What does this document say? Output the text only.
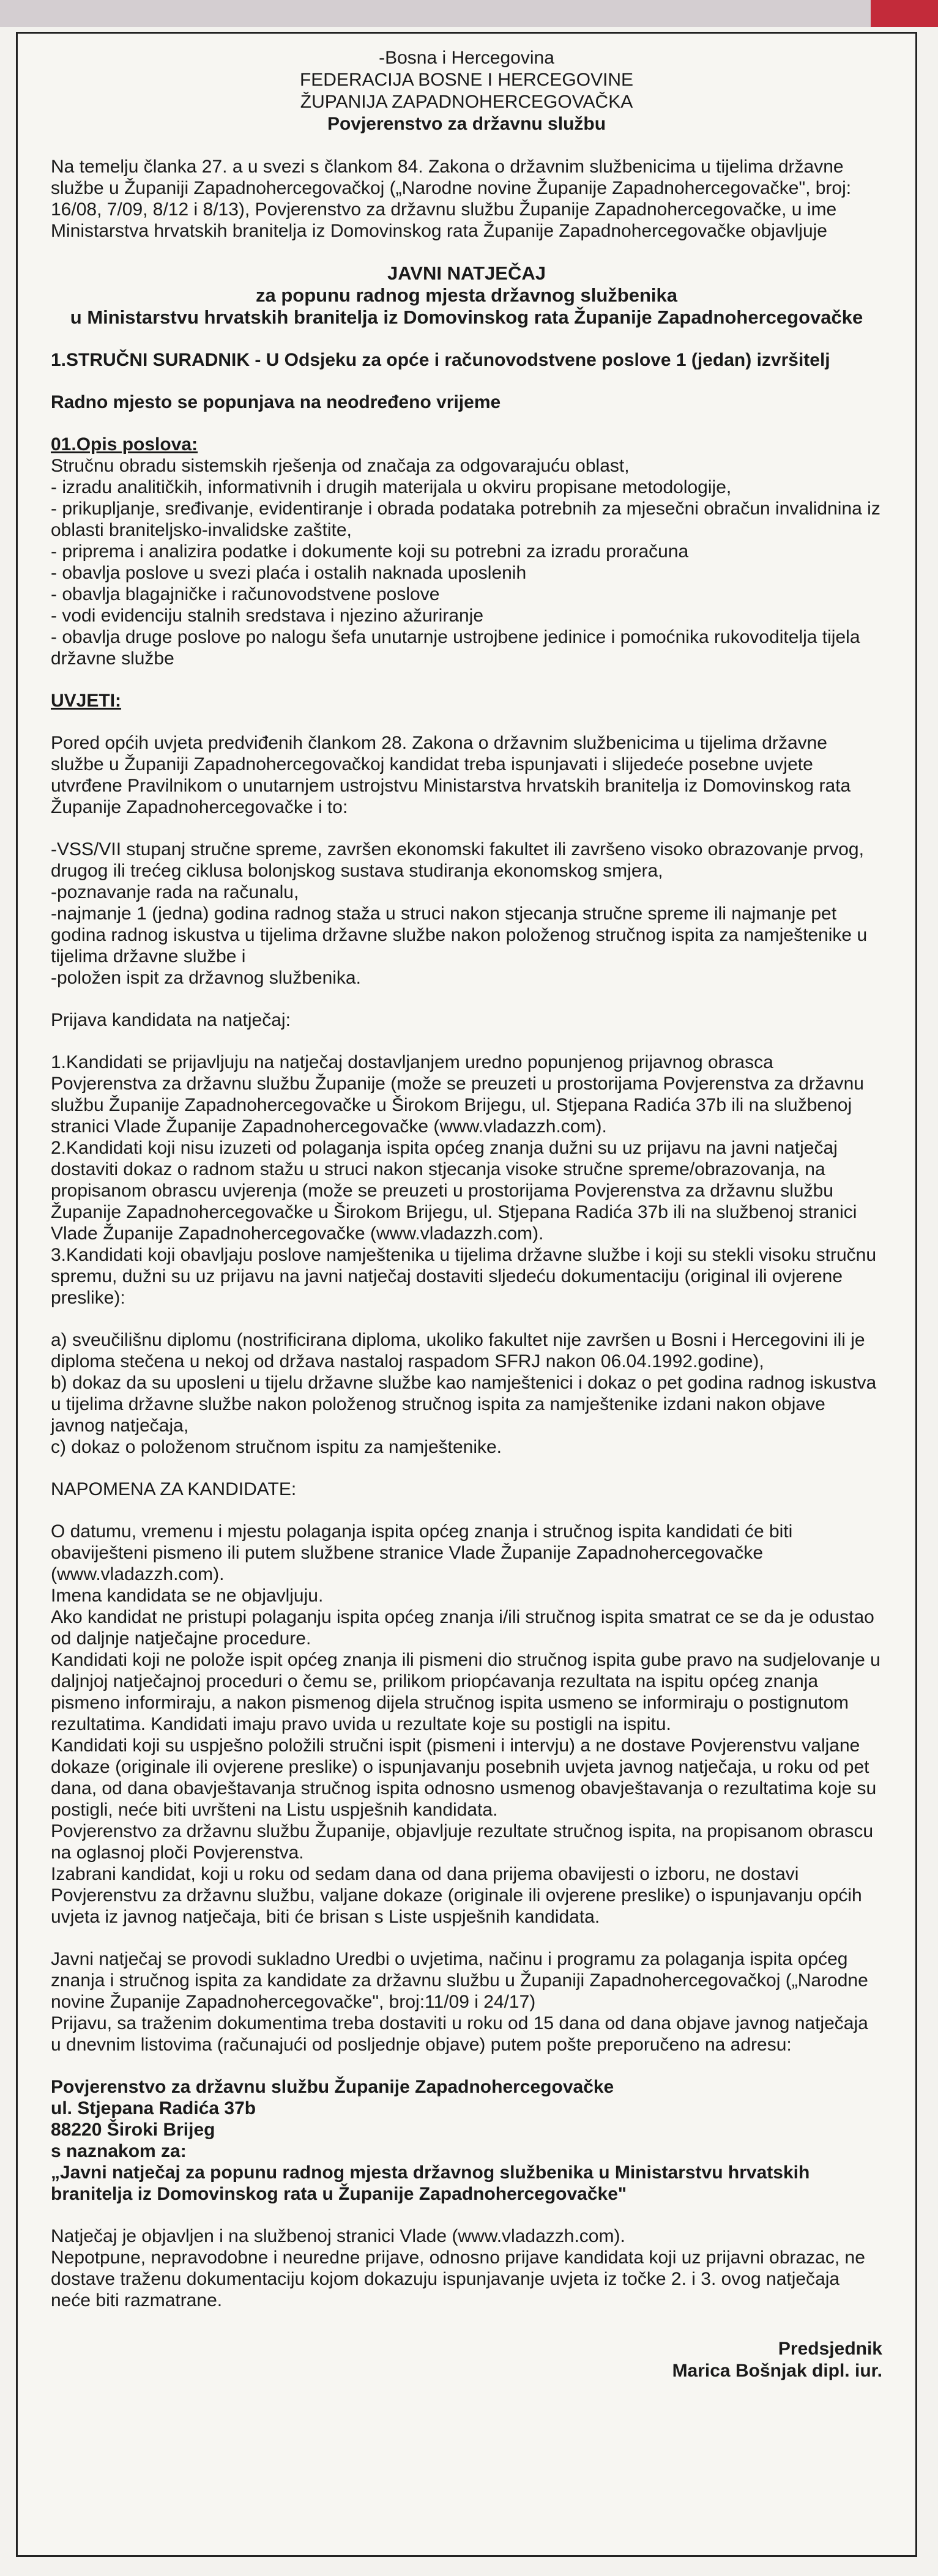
-Bosna i Hercegovina
FEDERACIJA BOSNE I HERCEGOVINE
ŽUPANIJA ZAPADNOHERCEGOVAČKA
Povjerenstvo za državnu službu

Na temelju članka 27. a u svezi s člankom 84. Zakona o državnim službenicima u tijelima državne službe u Županiji Zapadnohercegovačkoj („Narodne novine Županije Zapadnohercegovačke", broj: 16/08, 7/09, 8/12 i 8/13), Povjerenstvo za državnu službu Županije Zapadnohercegovačke, u ime Ministarstva hrvatskih branitelja iz Domovinskog rata Županije Zapadnohercegovačke objavljuje

JAVNI NATJEČAJ
za popunu radnog mjesta državnog službenika
u Ministarstvu hrvatskih branitelja iz Domovinskog rata Županije Zapadnohercegovačke

1.STRUČNI SURADNIK - U Odsjeku za opće i računovodstvene poslove 1 (jedan) izvršitelj

Radno mjesto se popunjava na neodređeno vrijeme

01.Opis poslova:

Stručnu obradu sistemskih rješenja od značaja za odgovarajuću oblast,
- izradu analitičkih, informativnih i drugih materijala u okviru propisane metodologije,
- prikupljanje, sređivanje, evidentiranje i obrada podataka potrebnih za mjesečni obračun invalidnina iz oblasti braniteljsko-invalidske zaštite,
- priprema i analizira podatke i dokumente koji su potrebni za izradu proračuna
- obavlja poslove u svezi plaća i ostalih naknada uposlenih
- obavlja blagajničke i računovodstvene poslove
- vodi evidenciju stalnih sredstava i njezino ažuriranje
- obavlja druge poslove po nalogu šefa unutarnje ustrojbene jedinice i pomoćnika rukovoditelja tijela državne službe

UVJETI:

Pored općih uvjeta predviđenih člankom 28. Zakona o državnim službenicima u tijelima državne službe u Županiji Zapadnohercegovačkoj kandidat treba ispunjavati i slijedeće posebne uvjete utvrđene Pravilnikom o unutarnjem ustrojstvu Ministarstva hrvatskih branitelja iz Domovinskog rata Županije Zapadnohercegovačke i to:

-VSS/VII stupanj stručne spreme, završen ekonomski fakultet ili završeno visoko obrazovanje prvog, drugog ili trećeg ciklusa bolonjskog sustava studiranja ekonomskog smjera,
-poznavanje rada na računalu,
-najmanje 1 (jedna) godina radnog staža u struci nakon stjecanja stručne spreme ili najmanje pet godina radnog iskustva u tijelima državne službe nakon položenog stručnog ispita za namještenike u tijelima državne službe i
-položen ispit za državnog službenika.

Prijava kandidata na natječaj:

1.Kandidati se prijavljuju na natječaj dostavljanjem uredno popunjenog prijavnog obrasca Povjerenstva za državnu službu Županije (može se preuzeti u prostorijama Povjerenstva za državnu službu Županije Zapadnohercegovačke u Širokom Brijegu, ul. Stjepana Radića 37b ili na službenoj stranici Vlade Županije Zapadnohercegovačke (www.vladazzh.com).

2.Kandidati koji nisu izuzeti od polaganja ispita općeg znanja dužni su uz prijavu na javni natječaj dostaviti dokaz o radnom stažu u struci nakon stjecanja visoke stručne spreme/obrazovanja, na propisanom obrascu uvjerenja (može se preuzeti u prostorijama Povjerenstva za državnu službu Županije Zapadnohercegovačke u Širokom Brijegu, ul. Stjepana Radića 37b ili na službenoj stranici Vlade Županije Zapadnohercegovačke (www.vladazzh.com).

3.Kandidati koji obavljaju poslove namještenika u tijelima državne službe i koji su stekli visoku stručnu spremu, dužni su uz prijavu na javni natječaj dostaviti sljedeću dokumentaciju (original ili ovjerene preslike):

a) sveučilišnu diplomu (nostrificirana diploma, ukoliko fakultet nije završen u Bosni i Hercegovini ili je diploma stečena u nekoj od država nastaloj raspadom SFRJ nakon 06.04.1992.godine),

b) dokaz da su uposleni u tijelu državne službe kao namještenici i dokaz o pet godina radnog iskustva u tijelima državne službe nakon položenog stručnog ispita za namještenike izdani nakon objave javnog natječaja,

c) dokaz o položenom stručnom ispitu za namještenike.

NAPOMENA ZA KANDIDATE:

O datumu, vremenu i mjestu polaganja ispita općeg znanja i stručnog ispita kandidati će biti obaviješteni pismeno ili putem službene stranice Vlade Županije Zapadnohercegovačke (www.vladazzh.com).

Imena kandidata se ne objavljuju.

Ako kandidat ne pristupi polaganju ispita općeg znanja i/ili stručnog ispita smatrat ce se da je odustao od daljnje natječajne procedure.

Kandidati koji ne polože ispit općeg znanja ili pismeni dio stručnog ispita gube pravo na sudjelovanje u daljnjoj natječajnoj proceduri o čemu se, prilikom priopćavanja rezultata na ispitu općeg znanja pismeno informiraju, a nakon pismenog dijela stručnog ispita usmeno se informiraju o postignutom rezultatima. Kandidati imaju pravo uvida u rezultate koje su postigli na ispitu.

Kandidati koji su uspješno položili stručni ispit (pismeni i intervju) a ne dostave Povjerenstvu valjane dokaze (originale ili ovjerene preslike) o ispunjavanju posebnih uvjeta javnog natječaja, u roku od pet dana, od dana obavještavanja stručnog ispita odnosno usmenog obavještavanja o rezultatima koje su postigli, neće biti uvršteni na Listu uspješnih kandidata.

Povjerenstvo za državnu službu Županije, objavljuje rezultate stručnog ispita, na propisanom obrascu na oglasnoj ploči Povjerenstva.

Izabrani kandidat, koji u roku od sedam dana od dana prijema obavijesti o izboru, ne dostavi Povjerenstvu za državnu službu, valjane dokaze (originale ili ovjerene preslike) o ispunjavanju općih uvjeta iz javnog natječaja, biti će brisan s Liste uspješnih kandidata.

Javni natječaj se provodi sukladno Uredbi o uvjetima, načinu i programu za polaganja ispita općeg znanja i stručnog ispita za kandidate za državnu službu u Županiji Zapadnohercegovačkoj („Narodne novine Županije Zapadnohercegovačke", broj:11/09 i 24/17)

Prijavu, sa traženim dokumentima treba dostaviti u roku od 15 dana od dana objave javnog natječaja u dnevnim listovima (računajući od posljednje objave) putem pošte preporučeno na adresu:

Povjerenstvo za državnu službu Županije Zapadnohercegovačke

ul. Stjepana Radića 37b

88220 Široki Brijeg

s naznakom za:

„Javni natječaj za popunu radnog mjesta državnog službenika u Ministarstvu hrvatskih branitelja iz Domovinskog rata u Županije Zapadnohercegovačke"

Natječaj je objavljen i na službenoj stranici Vlade (www.vladazzh.com).

Nepotpune, nepravodobne i neuredne prijave, odnosno prijave kandidata koji uz prijavni obrazac, ne dostave traženu dokumentaciju kojom dokazuju ispunjavanje uvjeta iz točke 2. i 3. ovog natječaja neće biti razmatrane.

Predsjednik
Marica Bošnjak dipl. iur.
